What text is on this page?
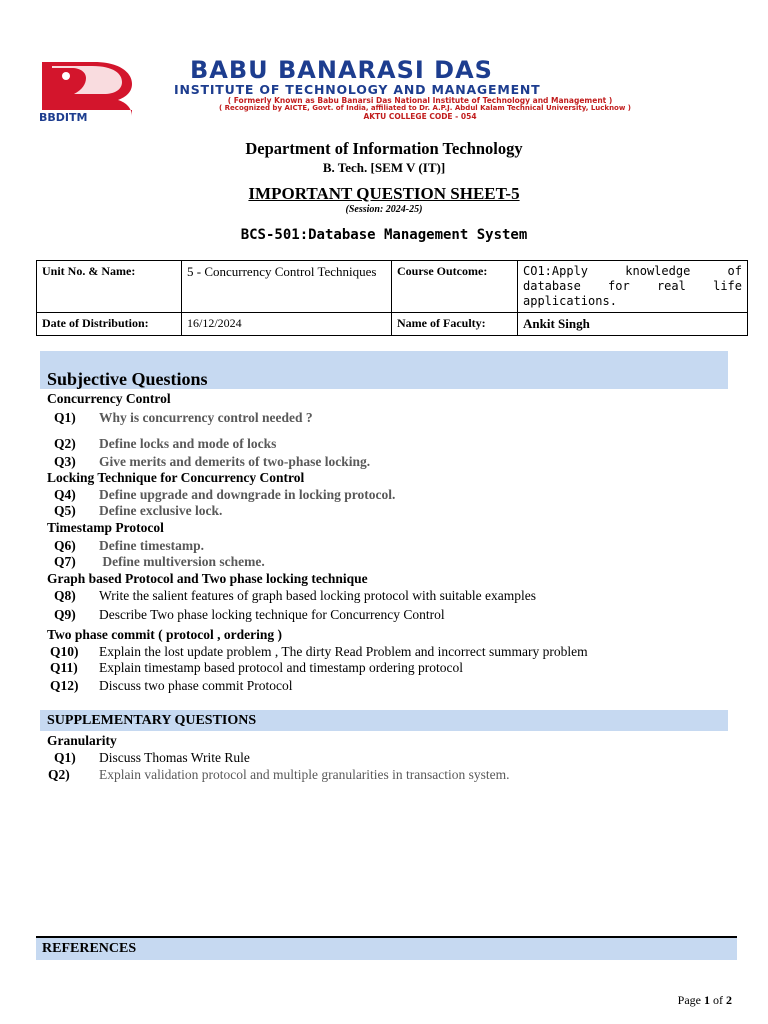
BBDITM
BABU BANARASI DAS
INSTITUTE OF TECHNOLOGY AND MANAGEMENT
( Formerly Known as Babu Banarsi Das National Institute of Technology and Management )
( Recognized by AICTE, Govt. of India, affiliated to Dr. A.P.J. Abdul Kalam Technical University, Lucknow )
AKTU COLLEGE CODE - 054
Department of Information Technology
B. Tech. [SEM V (IT)]
IMPORTANT QUESTION SHEET-5
(Session: 2024-25)
BCS-501:Database Management System
Unit No. & Name:	5 - Concurrency Control Techniques	Course Outcome:	CO1:Apply knowledge of database for real life applications.
Date of Distribution:	16/12/2024	Name of Faculty:	Ankit Singh
Subjective Questions
Concurrency Control
Q1) Why is concurrency control needed ?
Q2) Define locks and mode of locks
Q3) Give merits and demerits of two-phase locking.
Locking Technique for Concurrency Control
Q4) Define upgrade and downgrade in locking protocol.
Q5) Define exclusive lock.
Timestamp Protocol
Q6) Define timestamp.
Q7) Define multiversion scheme.
Graph based Protocol and Two phase locking technique
Q8) Write the salient features of graph based locking protocol with suitable examples
Q9) Describe Two phase locking technique for Concurrency Control
Two phase commit ( protocol , ordering )
Q10) Explain the lost update problem , The dirty Read Problem and incorrect summary problem
Q11) Explain timestamp based protocol and timestamp ordering protocol
Q12) Discuss two phase commit Protocol
SUPPLEMENTARY QUESTIONS
Granularity
Q1) Discuss Thomas Write Rule
Q2) Explain validation protocol and multiple granularities in transaction system.
REFERENCES
Page 1 of 2
